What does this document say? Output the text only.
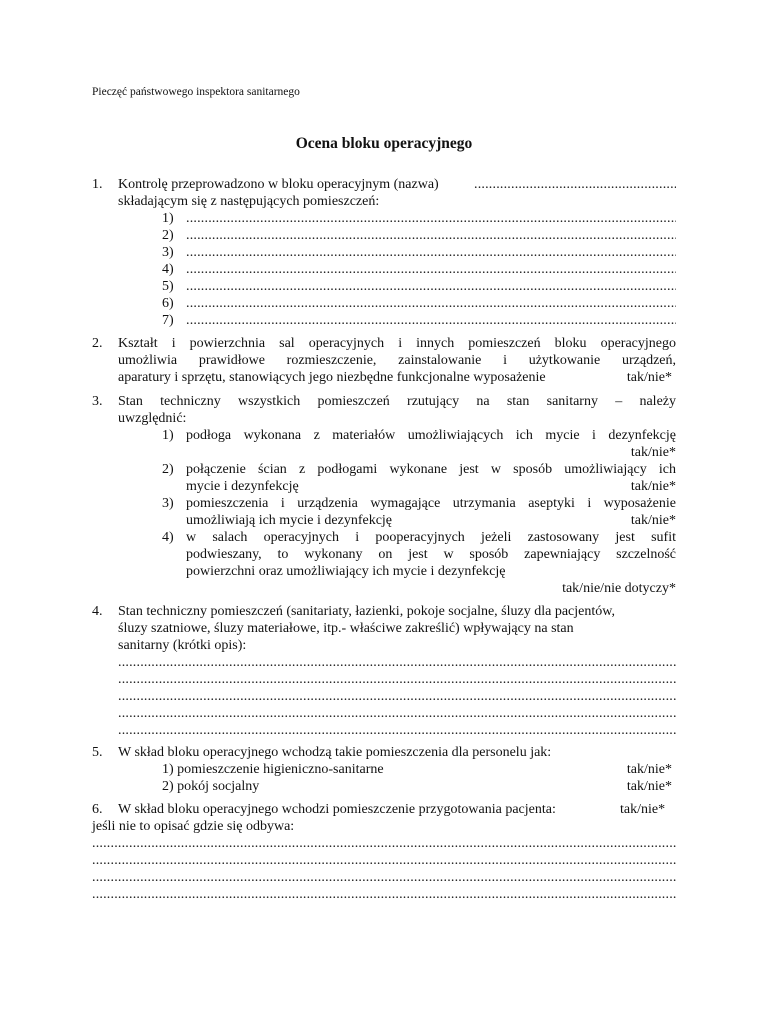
Pieczęć państwowego inspektora sanitarnego
Ocena bloku operacyjnego
1. Kontrolę przeprowadzono w bloku operacyjnym (nazwa)
.....
składającym się z następujących pomieszczeń:
1)
.....
2)
.....
3)
.....
4)
.....
5)
.....
6)
.....
7)
.....
2. Kształt i powierzchnia sal operacyjnych i innych pomieszczeń bloku operacyjnego
umożliwia prawidłowe rozmieszczenie, zainstalowanie i użytkowanie urządzeń,
aparatury i sprzętu, stanowiących jego niezbędne funkcjonalne wyposażenie	tak/nie*
3. Stan techniczny wszystkich pomieszczeń rzutujący na stan sanitarny – należy
uwzględnić:
1) podłoga wykonana z materiałów umożliwiających ich mycie i dezynfekcję
tak/nie*
2) połączenie ścian z podłogami wykonane jest w sposób umożliwiający ich
mycie i dezynfekcję	tak/nie*
3) pomieszczenia i urządzenia wymagające utrzymania aseptyki i wyposażenie
umożliwiają ich mycie i dezynfekcję	tak/nie*
4) w salach operacyjnych i pooperacyjnych jeżeli zastosowany jest sufit
podwieszany, to wykonany on jest w sposób zapewniający szczelność
powierzchni oraz umożliwiający ich mycie i dezynfekcję
tak/nie/nie dotyczy*
4. Stan techniczny pomieszczeń (sanitariaty, łazienki, pokoje socjalne, śluzy dla pacjentów,
śluzy szatniowe, śluzy materiałowe, itp.- właściwe zakreślić) wpływający na stan
sanitarny (krótki opis):
.....
.....
.....
.....
.....
5. W skład bloku operacyjnego wchodzą takie pomieszczenia dla personelu jak:
1) pomieszczenie higieniczno-sanitarne	tak/nie*
2) pokój socjalny	tak/nie*
6. W skład bloku operacyjnego wchodzi pomieszczenie przygotowania pacjenta:	tak/nie*
jeśli nie to opisać gdzie się odbywa:
.....
.....
.....
.....
